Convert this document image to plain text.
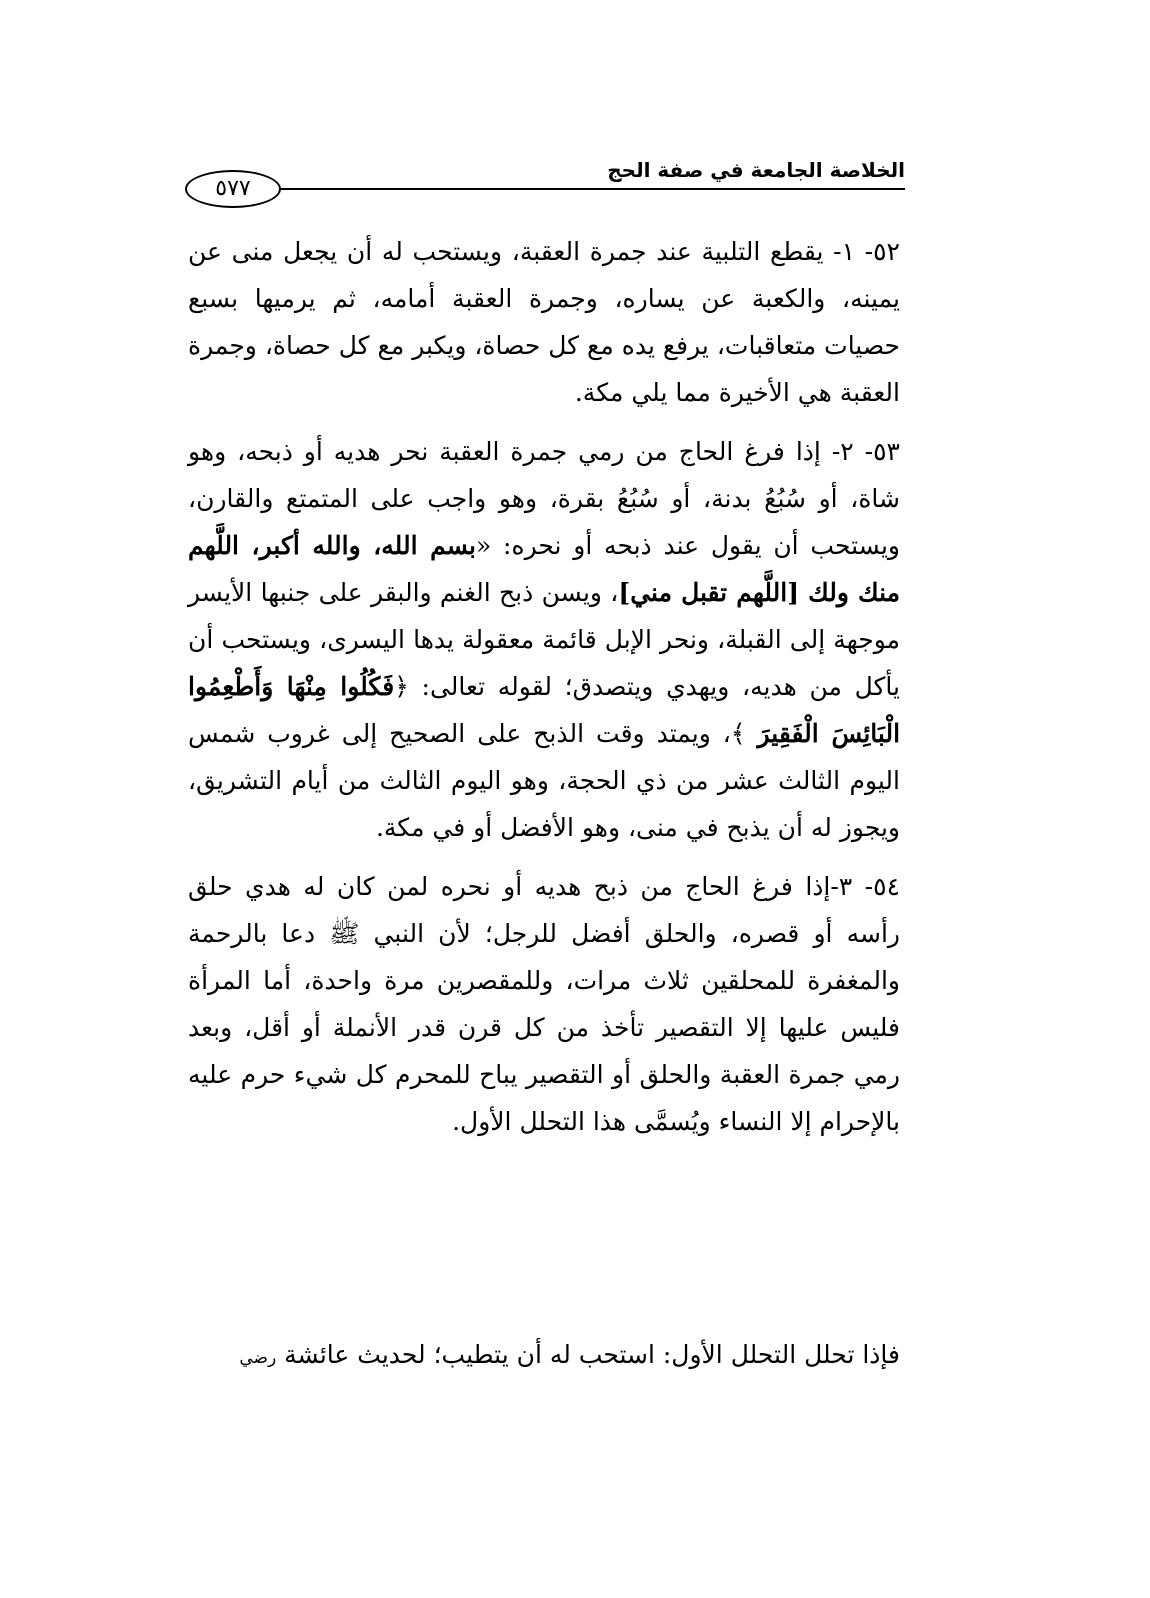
الخلاصة الجامعة في صفة الحج
٥٧٧

٥٢- ١- يقطع التلبية عند جمرة العقبة، ويستحب له أن يجعل منى عن يمينه، والكعبة عن يساره، وجمرة العقبة أمامه، ثم يرميها بسبع حصيات متعاقبات، يرفع يده مع كل حصاة، ويكبر مع كل حصاة، وجمرة العقبة هي الأخيرة مما يلي مكة.

٥٣- ٢- إذا فرغ الحاج من رمي جمرة العقبة نحر هديه أو ذبحه، وهو شاة، أو سُبُعُ بدنة، أو سُبُعُ بقرة، وهو واجب على المتمتع والقارن، ويستحب أن يقول عند ذبحه أو نحره: «بسم الله، والله أكبر، اللَّهم منك ولك [اللَّهم تقبل مني]، ويسن ذبح الغنم والبقر على جنبها الأيسر موجهة إلى القبلة، ونحر الإبل قائمة معقولة يدها اليسرى، ويستحب أن يأكل من هديه، ويهدي ويتصدق؛ لقوله تعالى: ﴿فَكُلُوا مِنْهَا وَأَطْعِمُوا الْبَائِسَ الْفَقِيرَ ﴾، ويمتد وقت الذبح على الصحيح إلى غروب شمس اليوم الثالث عشر من ذي الحجة، وهو اليوم الثالث من أيام التشريق، ويجوز له أن يذبح في منى، وهو الأفضل أو في مكة.

٥٤- ٣-إذا فرغ الحاج من ذبح هديه أو نحره لمن كان له هدي حلق رأسه أو قصره، والحلق أفضل للرجل؛ لأن النبي ﷺ دعا بالرحمة والمغفرة للمحلقين ثلاث مرات، وللمقصرين مرة واحدة، أما المرأة فليس عليها إلا التقصير تأخذ من كل قرن قدر الأنملة أو أقل، وبعد رمي جمرة العقبة والحلق أو التقصير يباح للمحرم كل شيء حرم عليه بالإحرام إلا النساء ويُسمَّى هذا التحلل الأول.

فإذا تحلل التحلل الأول: استحب له أن يتطيب؛ لحديث عائشة رضي
